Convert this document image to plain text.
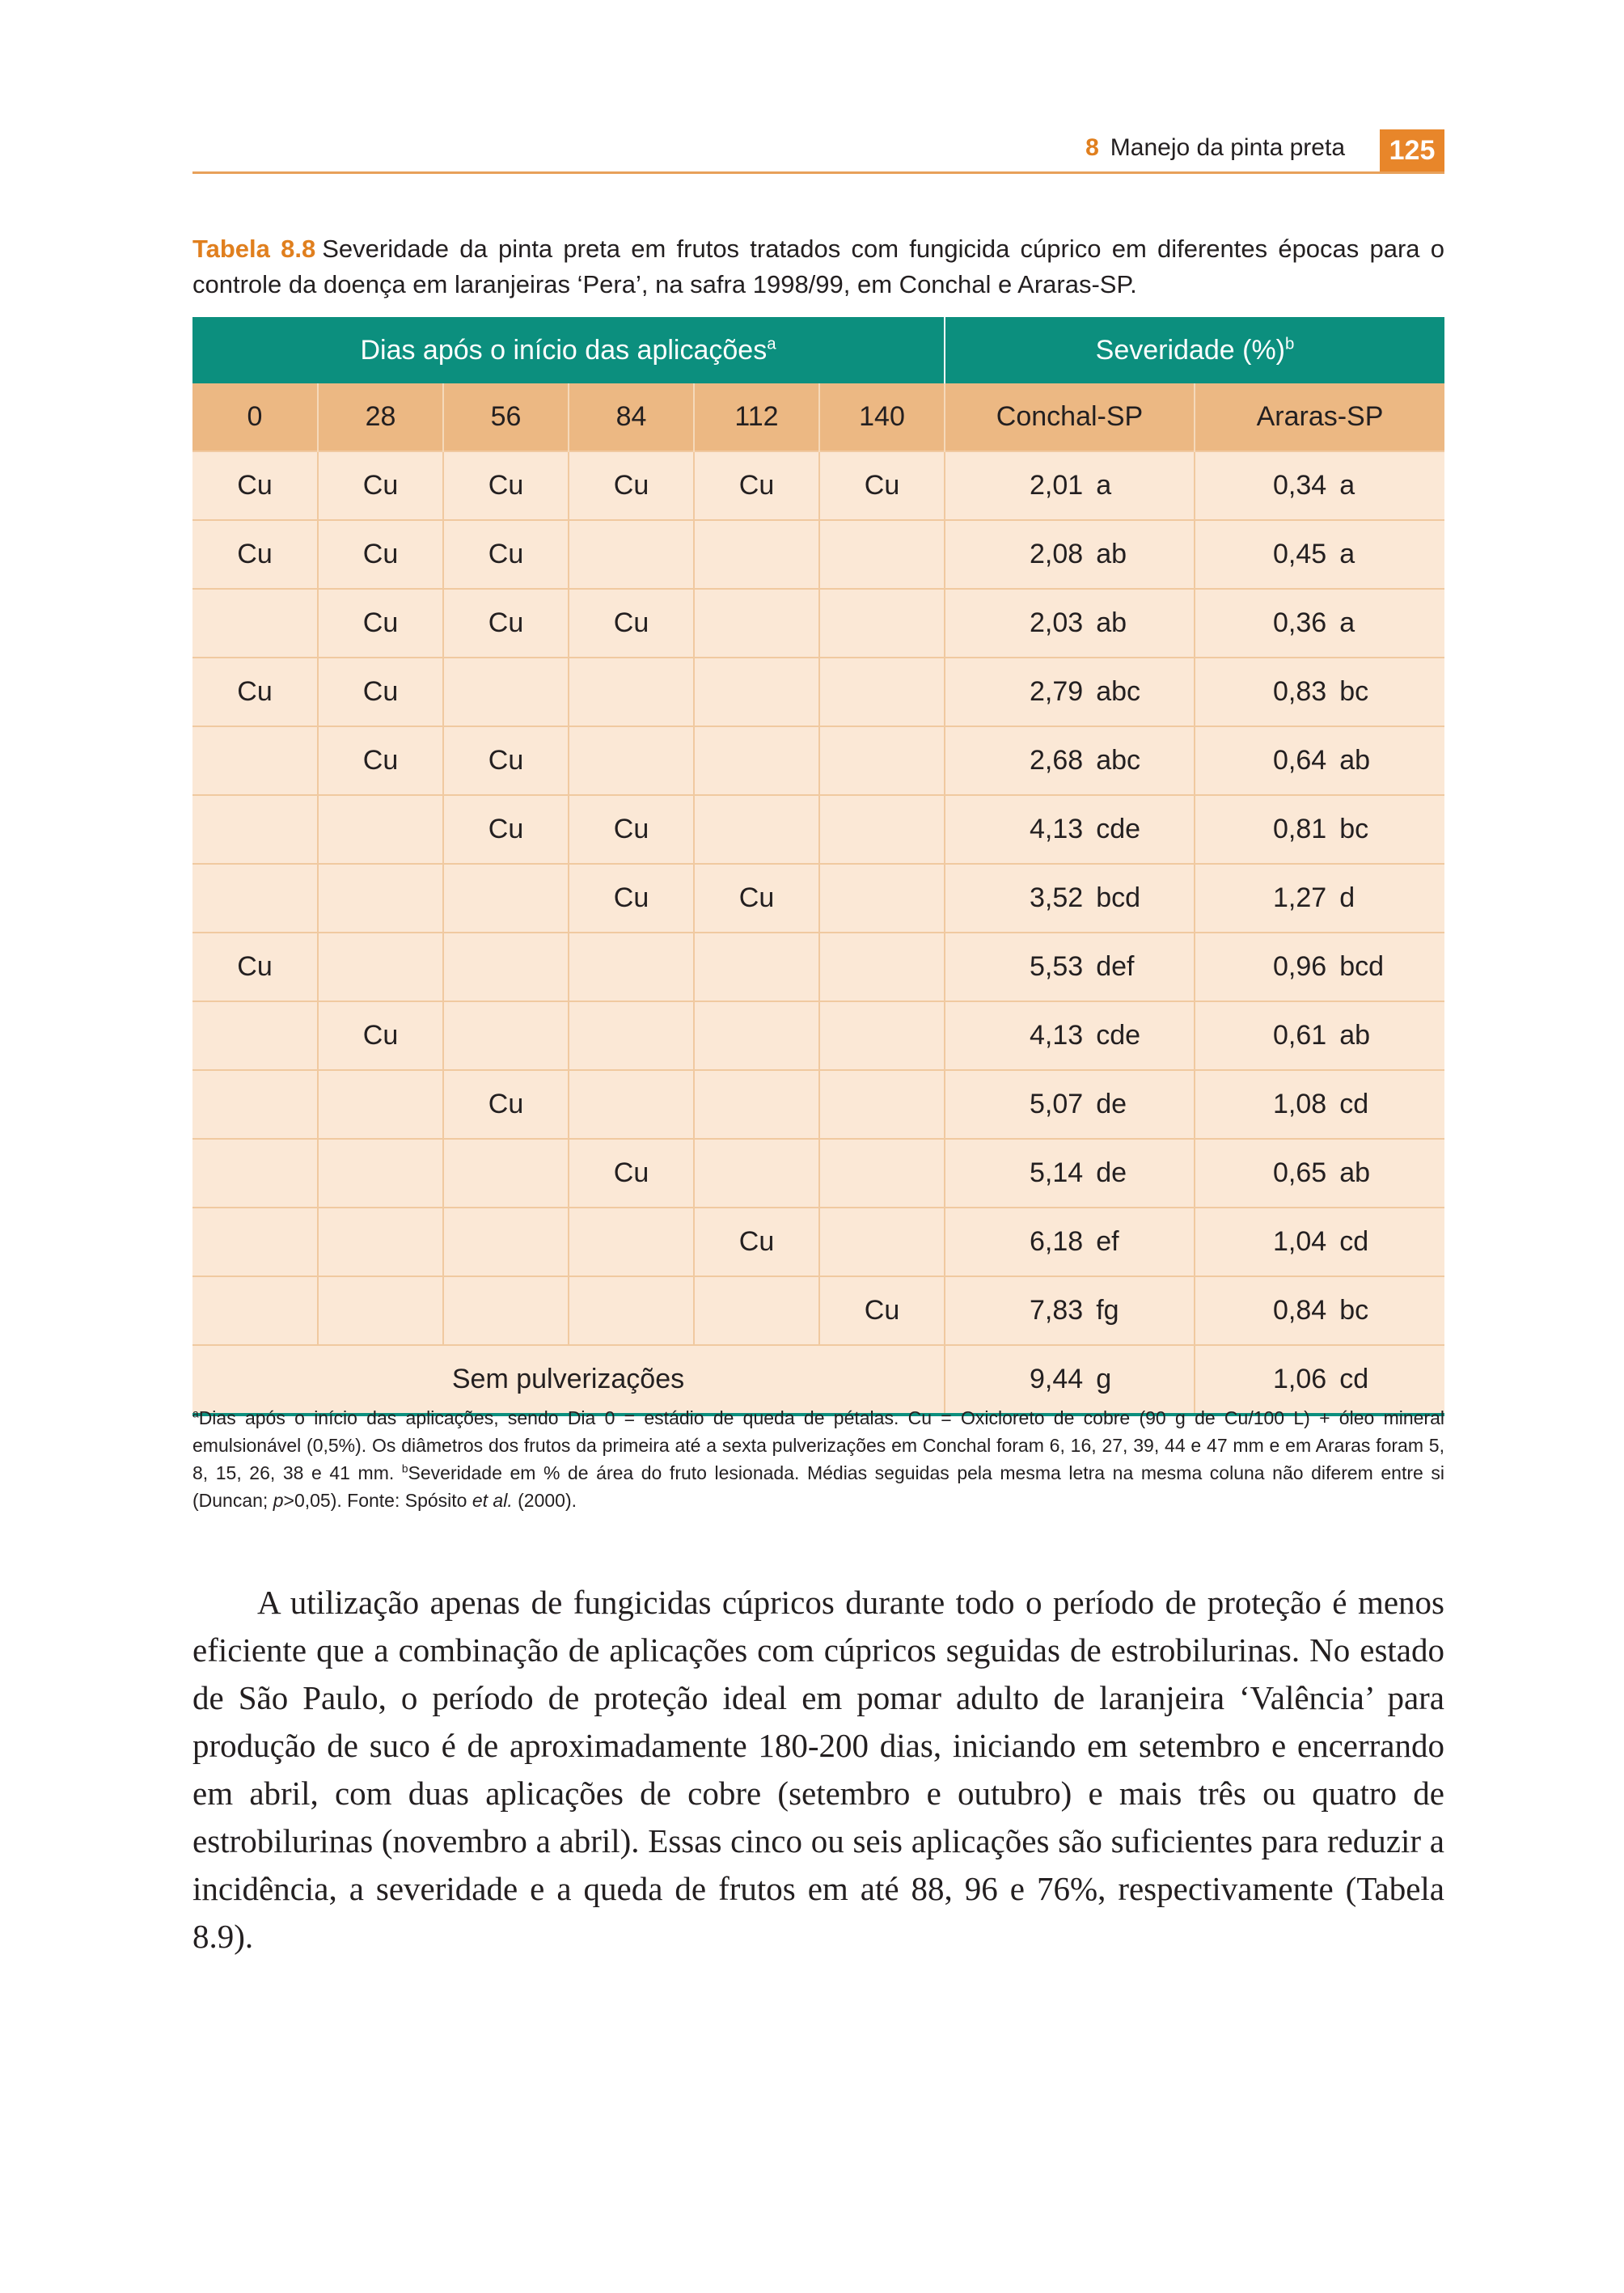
8 Manejo da pinta preta	125
Tabela 8.8 Severidade da pinta preta em frutos tratados com fungicida cúprico em diferentes épocas para o controle da doença em laranjeiras ‘Pera’, na safra 1998/99, em Conchal e Araras-SP.
Dias após o início das aplicações$^a$						Severidade (%)$^b$
0	28	56	84	112	140	Conchal-SP	Araras-SP
Cu	Cu	Cu	Cu	Cu	Cu	2,01 a	0,34 a
Cu	Cu	Cu				2,08 ab	0,45 a
	Cu	Cu	Cu			2,03 ab	0,36 a
Cu	Cu					2,79 abc	0,83 bc
	Cu	Cu				2,68 abc	0,64 ab
		Cu	Cu			4,13 cde	0,81 bc
			Cu	Cu		3,52 bcd	1,27 d
Cu						5,53 def	0,96 bcd
	Cu					4,13 cde	0,61 ab
		Cu				5,07 de	1,08 cd
			Cu			5,14 de	0,65 ab
				Cu		6,18 ef	1,04 cd
					Cu	7,83 fg	0,84 bc
Sem pulverizações						9,44 g	1,06 cd
$^a$Dias após o início das aplicações, sendo Dia 0 = estádio de queda de pétalas. Cu = Oxicloreto de cobre (90 g de Cu/100 L) + óleo mineral emulsionável (0,5%). Os diâmetros dos frutos da primeira até a sexta pulverizações em Conchal foram 6, 16, 27, 39, 44 e 47 mm e em Araras foram 5, 8, 15, 26, 38 e 41 mm. $^b$Severidade em % de área do fruto lesionada. Médias seguidas pela mesma letra na mesma coluna não diferem entre si (Duncan; p>0,05). Fonte: Spósito et al. (2000).

A utilização apenas de fungicidas cúpricos durante todo o período de proteção é menos eficiente que a combinação de aplicações com cúpricos seguidas de estrobilurinas. No estado de São Paulo, o período de proteção ideal em pomar adulto de laranjeira ‘Valência’ para produção de suco é de aproximadamente 180-200 dias, iniciando em setembro e encerrando em abril, com duas aplicações de cobre (setembro e outubro) e mais três ou quatro de estrobilurinas (novembro a abril). Essas cinco ou seis aplicações são suficientes para reduzir a incidência, a severidade e a queda de frutos em até 88, 96 e 76%, respectivamente (Tabela 8.9).
